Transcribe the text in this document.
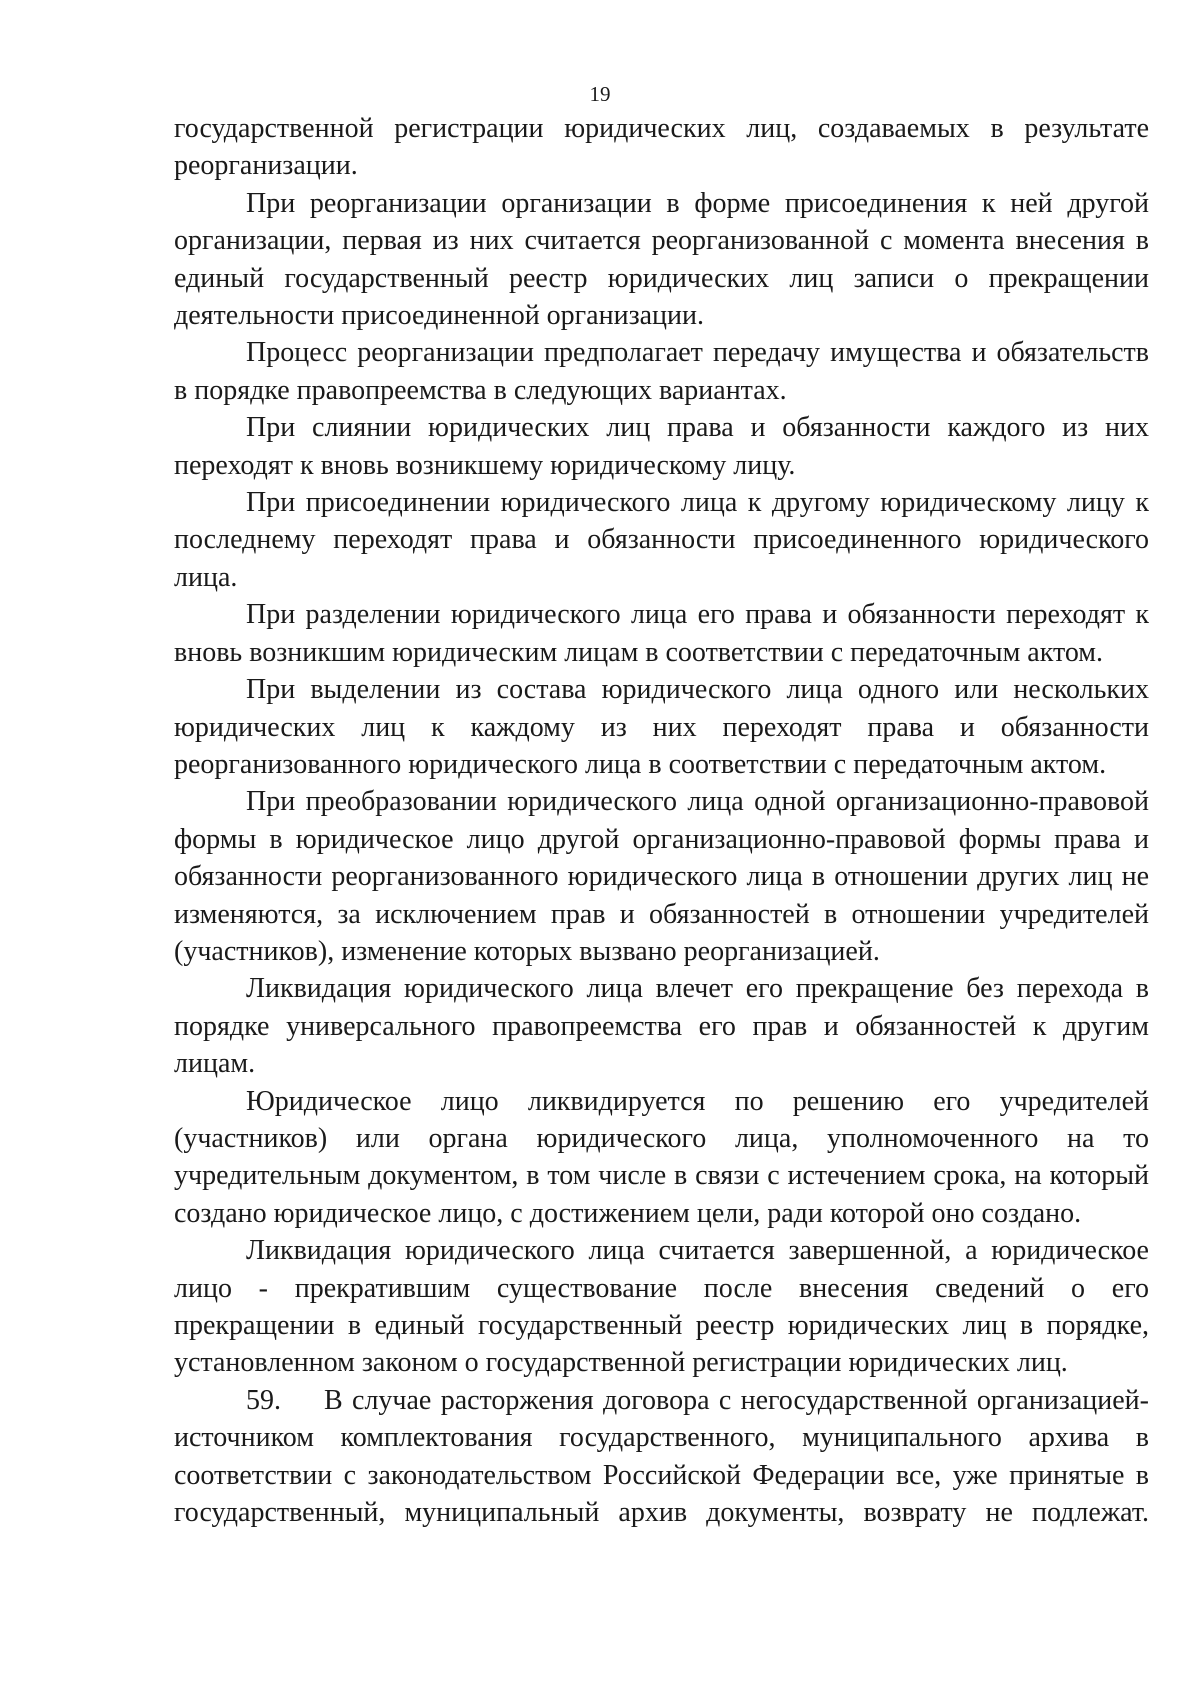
19

государственной регистрации юридических лиц, создаваемых в результате реорганизации.

При реорганизации организации в форме присоединения к ней другой организации, первая из них считается реорганизованной с момента внесения в единый государственный реестр юридических лиц записи о прекращении деятельности присоединенной организации.

Процесс реорганизации предполагает передачу имущества и обязательств в порядке правопреемства в следующих вариантах.

При слиянии юридических лиц права и обязанности каждого из них переходят к вновь возникшему юридическому лицу.

При присоединении юридического лица к другому юридическому лицу к последнему переходят права и обязанности присоединенного юридического лица.

При разделении юридического лица его права и обязанности переходят к вновь возникшим юридическим лицам в соответствии с передаточным актом.

При выделении из состава юридического лица одного или нескольких юридических лиц к каждому из них переходят права и обязанности реорганизованного юридического лица в соответствии с передаточным актом.

При преобразовании юридического лица одной организационно-правовой формы в юридическое лицо другой организационно-правовой формы права и обязанности реорганизованного юридического лица в отношении других лиц не изменяются, за исключением прав и обязанностей в отношении учредителей (участников), изменение которых вызвано реорганизацией.

Ликвидация юридического лица влечет его прекращение без перехода в порядке универсального правопреемства его прав и обязанностей к другим лицам.

Юридическое лицо ликвидируется по решению его учредителей (участников) или органа юридического лица, уполномоченного на то учредительным документом, в том числе в связи с истечением срока, на который создано юридическое лицо, с достижением цели, ради которой оно создано.

Ликвидация юридического лица считается завершенной, а юридическое лицо - прекратившим существование после внесения сведений о его прекращении в единый государственный реестр юридических лиц в порядке, установленном законом о государственной регистрации юридических лиц.

59. В случае расторжения договора с негосударственной организацией-источником комплектования государственного, муниципального архива в соответствии с законодательством Российской Федерации все, уже принятые в государственный, муниципальный архив документы, возврату не подлежат.
